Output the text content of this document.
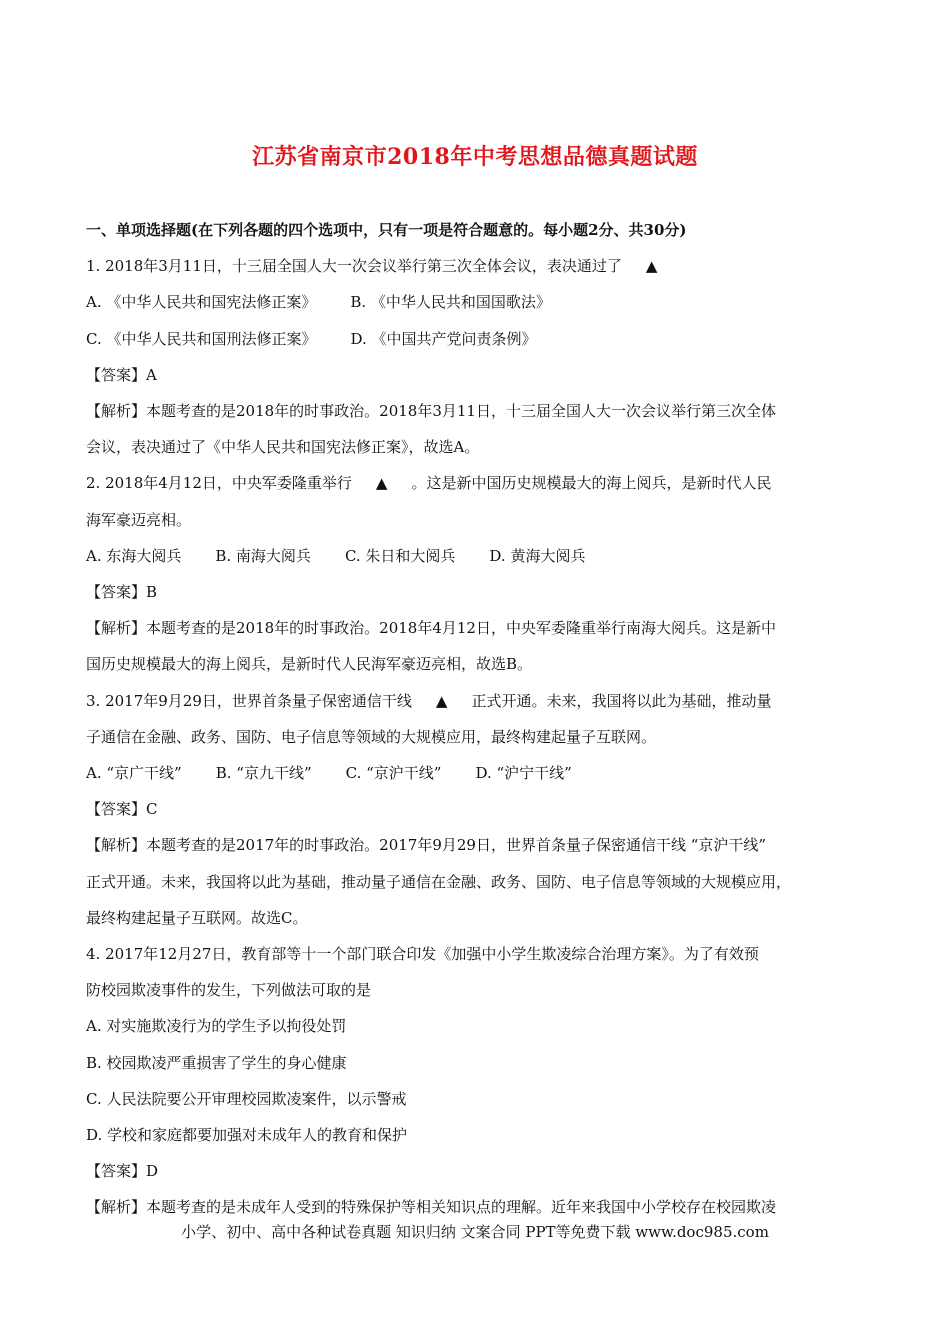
江苏省南京市2018年中考思想品德真题试题
一、单项选择题(在下列各题的四个选项中，只有一项是符合题意的。每小题2分、共30分)
1. 2018年3月11日，十三届全国人大一次会议举行第三次全体会议，表决通过了 ▲
A. 《中华人民共和国宪法修正案》 B. 《中华人民共和国国歌法》
C. 《中华人民共和国刑法修正案》 D. 《中国共产党问责条例》
【答案】A
【解析】本题考查的是2018年的时事政治。2018年3月11日，十三届全国人大一次会议举行第三次全体
会议，表决通过了《中华人民共和国宪法修正案》，故选A。
2. 2018年4月12日，中央军委隆重举行 ▲ 。这是新中国历史规模最大的海上阅兵，是新时代人民
海军豪迈亮相。
A. 东海大阅兵 B. 南海大阅兵 C. 朱日和大阅兵 D. 黄海大阅兵
【答案】B
【解析】本题考查的是2018年的时事政治。2018年4月12日，中央军委隆重举行南海大阅兵。这是新中
国历史规模最大的海上阅兵，是新时代人民海军豪迈亮相，故选B。
3. 2017年9月29日，世界首条量子保密通信干线 ▲ 正式开通。未来，我国将以此为基础，推动量
子通信在金融、政务、国防、电子信息等领域的大规模应用，最终构建起量子互联网。
A. “京广干线” B. “京九干线” C. “京沪干线” D. “沪宁干线”
【答案】C
【解析】本题考查的是2017年的时事政治。2017年9月29日，世界首条量子保密通信干线 “京沪干线”
正式开通。未来，我国将以此为基础，推动量子通信在金融、政务、国防、电子信息等领域的大规模应用，
最终构建起量子互联网。故选C。
4. 2017年12月27日，教育部等十一个部门联合印发《加强中小学生欺凌综合治理方案》。为了有效预
防校园欺凌事件的发生，下列做法可取的是
A. 对实施欺凌行为的学生予以拘役处罚
B. 校园欺凌严重损害了学生的身心健康
C. 人民法院要公开审理校园欺凌案件，以示警戒
D. 学校和家庭都要加强对未成年人的教育和保护
【答案】D
【解析】本题考查的是未成年人受到的特殊保护等相关知识点的理解。近年来我国中小学校存在校园欺凌
小学、初中、高中各种试卷真题 知识归纳 文案合同 PPT等免费下载 www.doc985.com
